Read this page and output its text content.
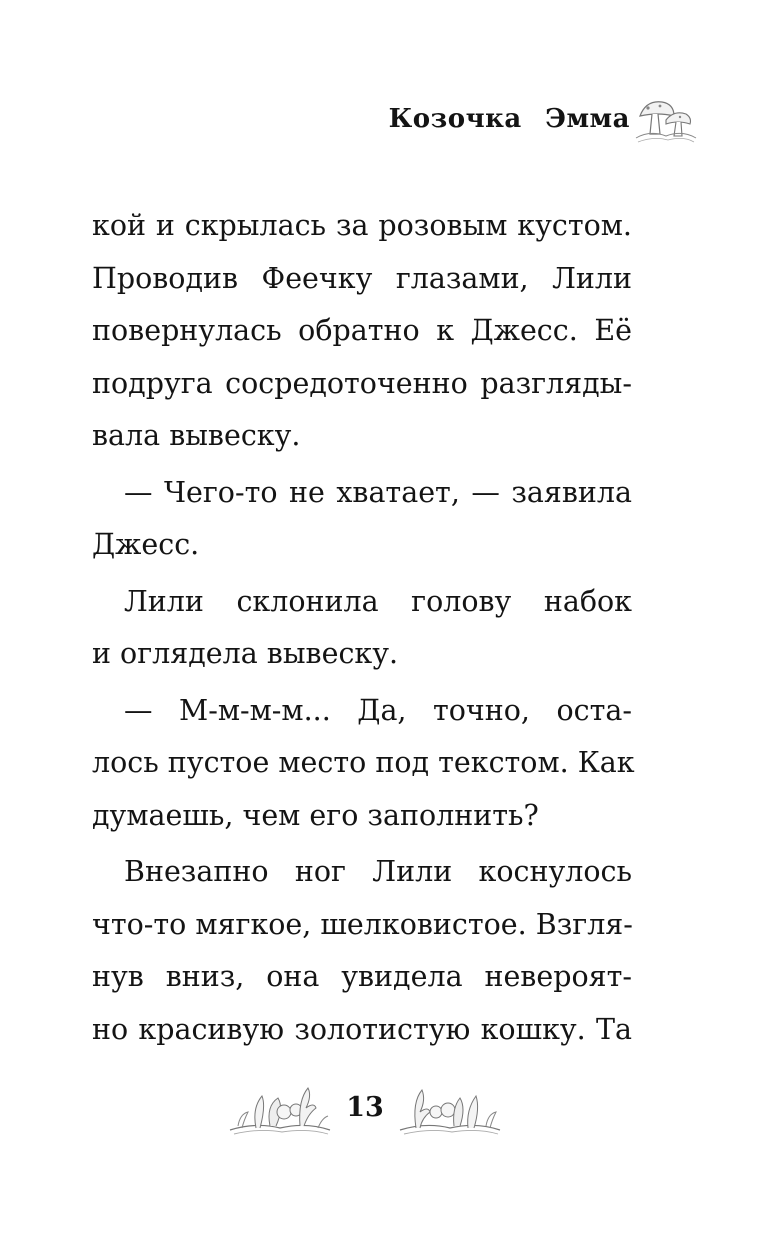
Козочка Эмма
кой и скрылась за розовым кустом.
Проводив Феечку глазами, Лили
повернулась обратно к Джесс. Её
подруга сосредоточенно разгляды-
вала вывеску.
— Чего-то не хватает, — заявила
Джесс.
Лили склонила голову набок
и оглядела вывеску.
— М-м-м-м... Да, точно, оста-
лось пустое место под текстом. Как
думаешь, чем его заполнить?
Внезапно ног Лили коснулось
что-то мягкое, шелковистое. Взгля-
нув вниз, она увидела невероят-
но красивую золотистую кошку. Та
13
